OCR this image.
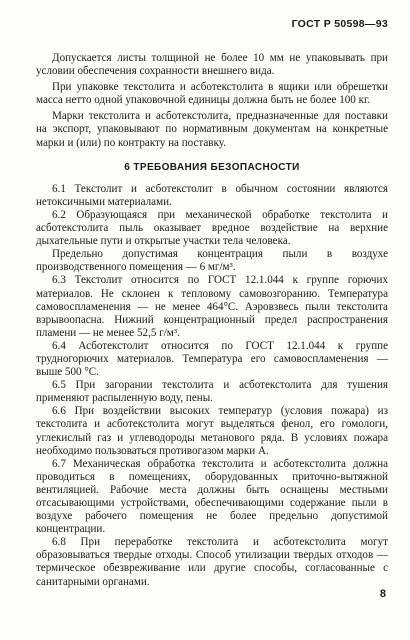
ГОСТ Р 50598—93

Допускается листы толщиной не более 10 мм не упаковывать при условии обеспечения сохранности внешнего вида.

При упаковке текстолита и асботекстолита в ящики или обрешетки масса нетто одной упаковочной единицы должна быть не более 100 кг.

Марки текстолита и асботекстолита, предназначенные для поставки на экспорт, упаковывают по нормативным документам на конкретные марки и (или) по контракту на поставку.

6 ТРЕБОВАНИЯ БЕЗОПАСНОСТИ

6.1 Текстолит и асботекстолит в обычном состоянии являются нетоксичными материалами.

6.2 Образующаяся при механической обработке текстолита и асботекстолита пыль оказывает вредное воздействие на верхние дыхательные пути и открытые участки тела человека.

Предельно допустимая концентрация пыли в воздухе производственного помещения — 6 мг/м³.

6.3 Текстолит относится по ГОСТ 12.1.044 к группе горючих материалов. Не склонен к тепловому самовозгоранию. Температура самовоспламенения — не менее 464°С. Аэровзвесь пыли текстолита взрывоопасна. Нижний концентрационный предел распространения пламени — не менее 52,5 г/м³.

6.4 Асботекстолит относится по ГОСТ 12.1.044 к группе трудногорючих материалов. Температура его самовоспламенения — выше 500 °С.

6.5 При загорании текстолита и асботекстолита для тушения применяют распыленную воду, пены.

6.6 При воздействии высоких температур (условия пожара) из текстолита и асботекстолита могут выделяться фенол, его гомологи, углекислый газ и углеводороды метанового ряда. В условиях пожара необходимо пользоваться противогазом марки А.

6.7 Механическая обработка текстолита и асботекстолита должна проводиться в помещениях, оборудованных приточно-вытяжной вентиляцией. Рабочие места должны быть оснащены местными отсасывающими устройствами, обеспечивающими содержание пыли в воздухе рабочего помещения не более предельно допустимой концентрации.

6.8 При переработке текстолита и асботекстолита могут образовываться твердые отходы. Способ утилизации твердых отходов — термическое обезвреживание или другие способы, согласованные с санитарными органами.

8
